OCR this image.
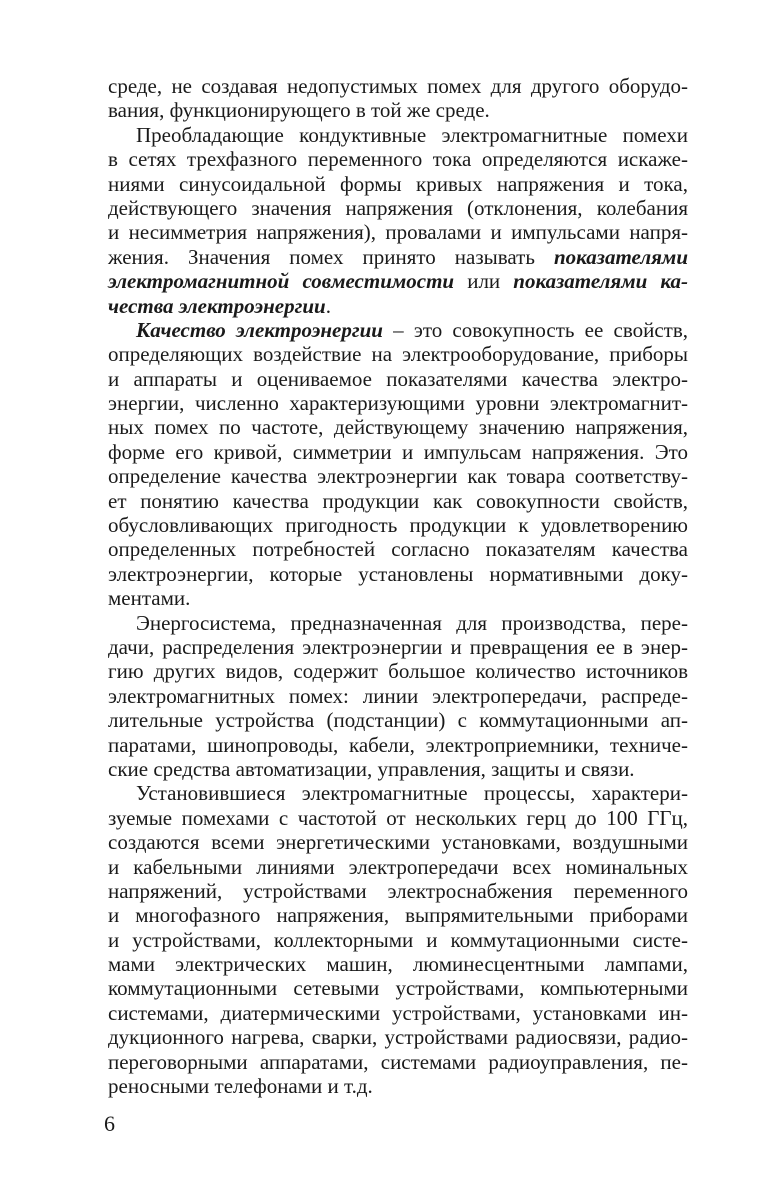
среде, не создавая недопустимых помех для другого оборудо-
вания, функционирующего в той же среде.
Преобладающие кондуктивные электромагнитные помехи
в сетях трехфазного переменного тока определяются искаже-
ниями синусоидальной формы кривых напряжения и тока,
действующего значения напряжения (отклонения, колебания
и несимметрия напряжения), провалами и импульсами напря-
жения. Значения помех принято называть показателями
электромагнитной совместимости или показателями ка-
чества электроэнергии.
Качество электроэнергии – это совокупность ее свойств,
определяющих воздействие на электрооборудование, приборы
и аппараты и оцениваемое показателями качества электро-
энергии, численно характеризующими уровни электромагнит-
ных помех по частоте, действующему значению напряжения,
форме его кривой, симметрии и импульсам напряжения. Это
определение качества электроэнергии как товара соответству-
ет понятию качества продукции как совокупности свойств,
обусловливающих пригодность продукции к удовлетворению
определенных потребностей согласно показателям качества
электроэнергии, которые установлены нормативными доку-
ментами.
Энергосистема, предназначенная для производства, пере-
дачи, распределения электроэнергии и превращения ее в энер-
гию других видов, содержит большое количество источников
электромагнитных помех: линии электропередачи, распреде-
лительные устройства (подстанции) с коммутационными ап-
паратами, шинопроводы, кабели, электроприемники, техниче-
ские средства автоматизации, управления, защиты и связи.
Установившиеся электромагнитные процессы, характери-
зуемые помехами с частотой от нескольких герц до 100 ГГц,
создаются всеми энергетическими установками, воздушными
и кабельными линиями электропередачи всех номинальных
напряжений, устройствами электроснабжения переменного
и многофазного напряжения, выпрямительными приборами
и устройствами, коллекторными и коммутационными систе-
мами электрических машин, люминесцентными лампами,
коммутационными сетевыми устройствами, компьютерными
системами, диатермическими устройствами, установками ин-
дукционного нагрева, сварки, устройствами радиосвязи, радио-
переговорными аппаратами, системами радиоуправления, пе-
реносными телефонами и т.д.
6
